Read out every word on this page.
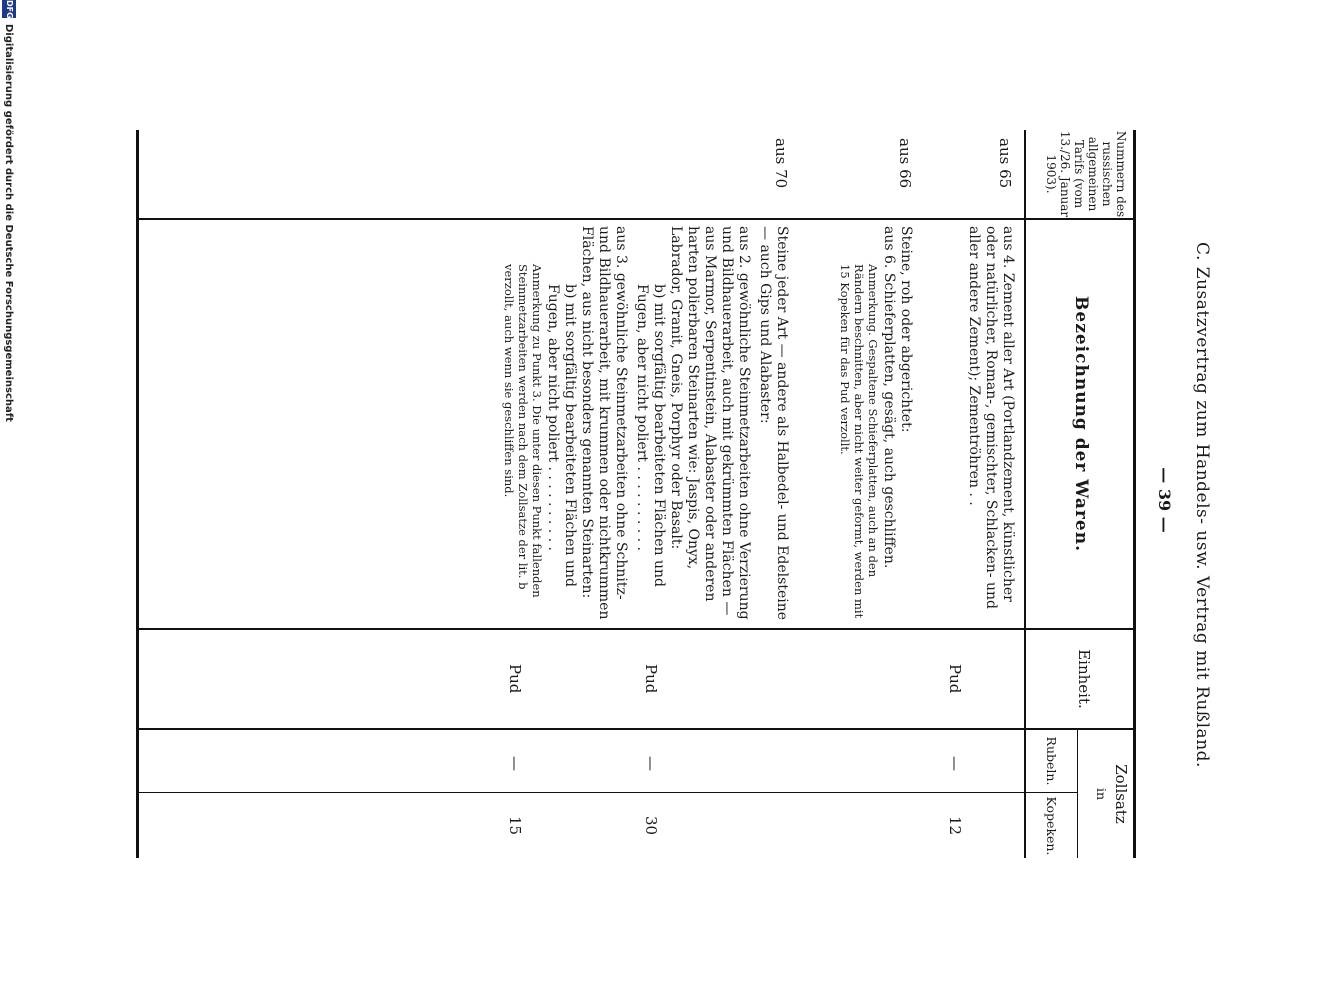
C. Zusatzvertrag zum Handels- usw. Vertrag mit Rußland.
— 39 —
Nummern des russischen allgemeinen Tarifs (vom 13./26. Januar 1903).
Bezeichnung der Waren.
Einheit.
Zollsatz
in
Rubeln.
Kopeken.
aus 65

aus 4. Zement aller Art (Portlandzement, künstlicher oder natürlicher, Roman-, gemischter, Schlacken- und aller andere Zement); Zementröhren . .

Pud
—
12
aus 66

Steine, roh oder abgerichtet:

aus 6. Schieferplatten, gesägt, auch geschliffen.

Anmerkung. Gespaltene Schieferplatten, auch an den Rändern beschnitten, aber nicht weiter geformt, werden mit 15 Kopeken für das Pud verzollt.

aus 70

Steine jeder Art — andere als Halbedel- und Edelsteine — auch Gips und Alabaster:

aus 2. gewöhnliche Steinmetzarbeiten ohne Verzierung und Bildhauerarbeit, auch mit gekrümmten Flächen — aus Marmor, Serpentinstein, Alabaster oder anderen harten polierbaren Steinarten wie: Jaspis, Onyx, Labrador, Granit, Gneis, Porphyr oder Basalt:

b) mit sorgfältig bearbeiteten Flächen und Fugen, aber nicht poliert . . . . . . . . . .

aus 3. gewöhnliche Steinmetzarbeiten ohne Schnitz- und Bildhauerarbeit, mit krummen oder nichtkrummen Flächen, aus nicht besonders genannten Steinarten:

b) mit sorgfältig bearbeiteten Flächen und Fugen, aber nicht poliert . . . . . . . . . .

Anmerkung zu Punkt 3. Die unter diesen Punkt fallenden Steinmetzarbeiten werden nach dem Zollsatze der lit. b verzollt, auch wenn sie geschliffen sind.

Pud
—
30
Pud
—
15
DFG
Digitalisierung gefördert durch die Deutsche Forschungsgemeinschaft
